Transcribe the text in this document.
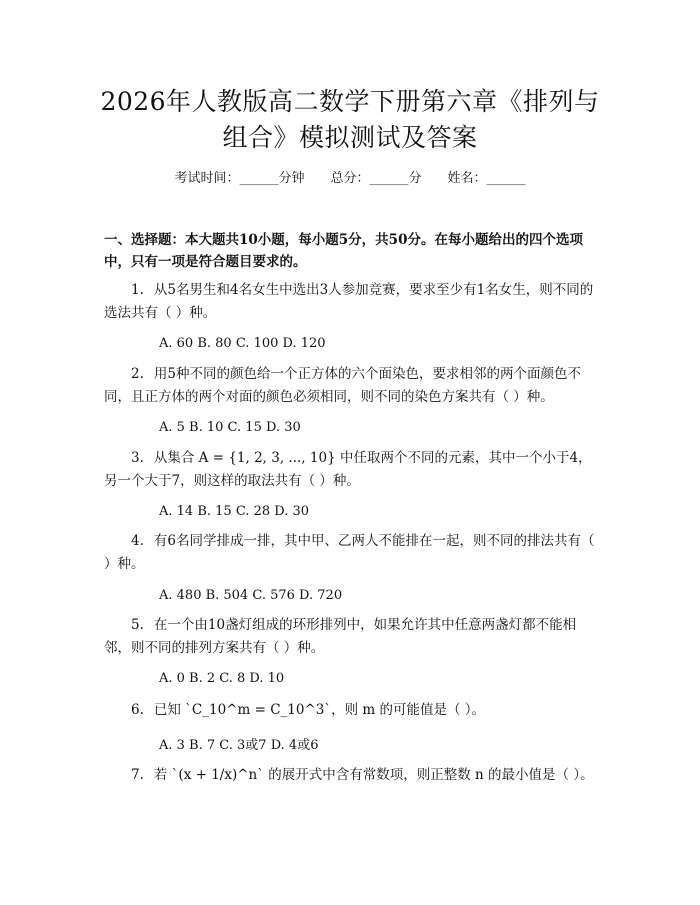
2026年人教版高二数学下册第六章《排列与
组合》模拟测试及答案
考试时间：______分钟 总分：______分 姓名：______

一、选择题：本大题共10小题，每小题5分，共50分。在每小题给出的四个选项中，只有一项是符合题目要求的。

1. 从5名男生和4名女生中选出3人参加竞赛，要求至少有1名女生，则不同的选法共有（ ）种。

A. 60 B. 80 C. 100 D. 120

2. 用5种不同的颜色给一个正方体的六个面染色，要求相邻的两个面颜色不同，且正方体的两个对面的颜色必须相同，则不同的染色方案共有（ ）种。

A. 5 B. 10 C. 15 D. 30

3. 从集合 A = {1, 2, 3, ..., 10} 中任取两个不同的元素，其中一个小于4，另一个大于7，则这样的取法共有（ ）种。

A. 14 B. 15 C. 28 D. 30

4. 有6名同学排成一排，其中甲、乙两人不能排在一起，则不同的排法共有（ ）种。

A. 480 B. 504 C. 576 D. 720

5. 在一个由10盏灯组成的环形排列中，如果允许其中任意两盏灯都不能相邻，则不同的排列方案共有（ ）种。

A. 0 B. 2 C. 8 D. 10

6. 已知 `C_10^m = C_10^3`，则 m 的可能值是（ ）。

A. 3 B. 7 C. 3或7 D. 4或6

7. 若 `(x + 1/x)^n` 的展开式中含有常数项，则正整数 n 的最小值是（ ）。
